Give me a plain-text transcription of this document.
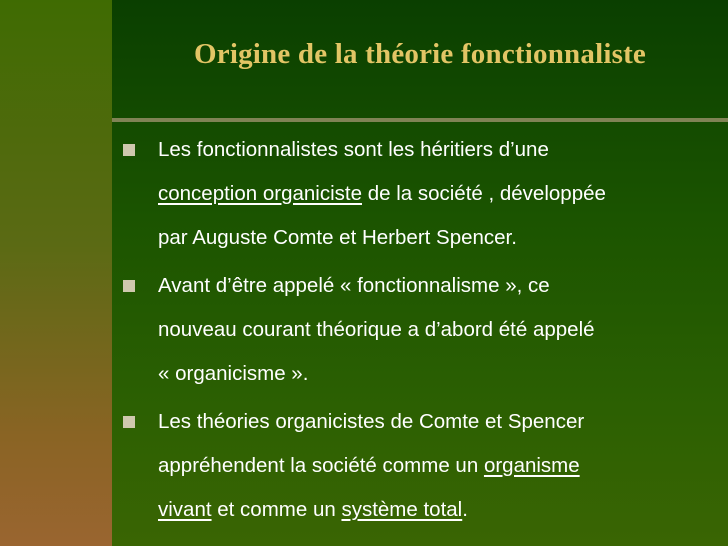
Origine de la théorie fonctionnaliste
Les fonctionnalistes sont les héritiers d’une
conception organiciste de la société , développée
par Auguste Comte et Herbert Spencer.
Avant d’être appelé « fonctionnalisme », ce
nouveau courant théorique a d’abord été appelé
« organicisme ».
Les théories organicistes de Comte et Spencer
appréhendent la société comme un organisme
vivant et comme un système total.
